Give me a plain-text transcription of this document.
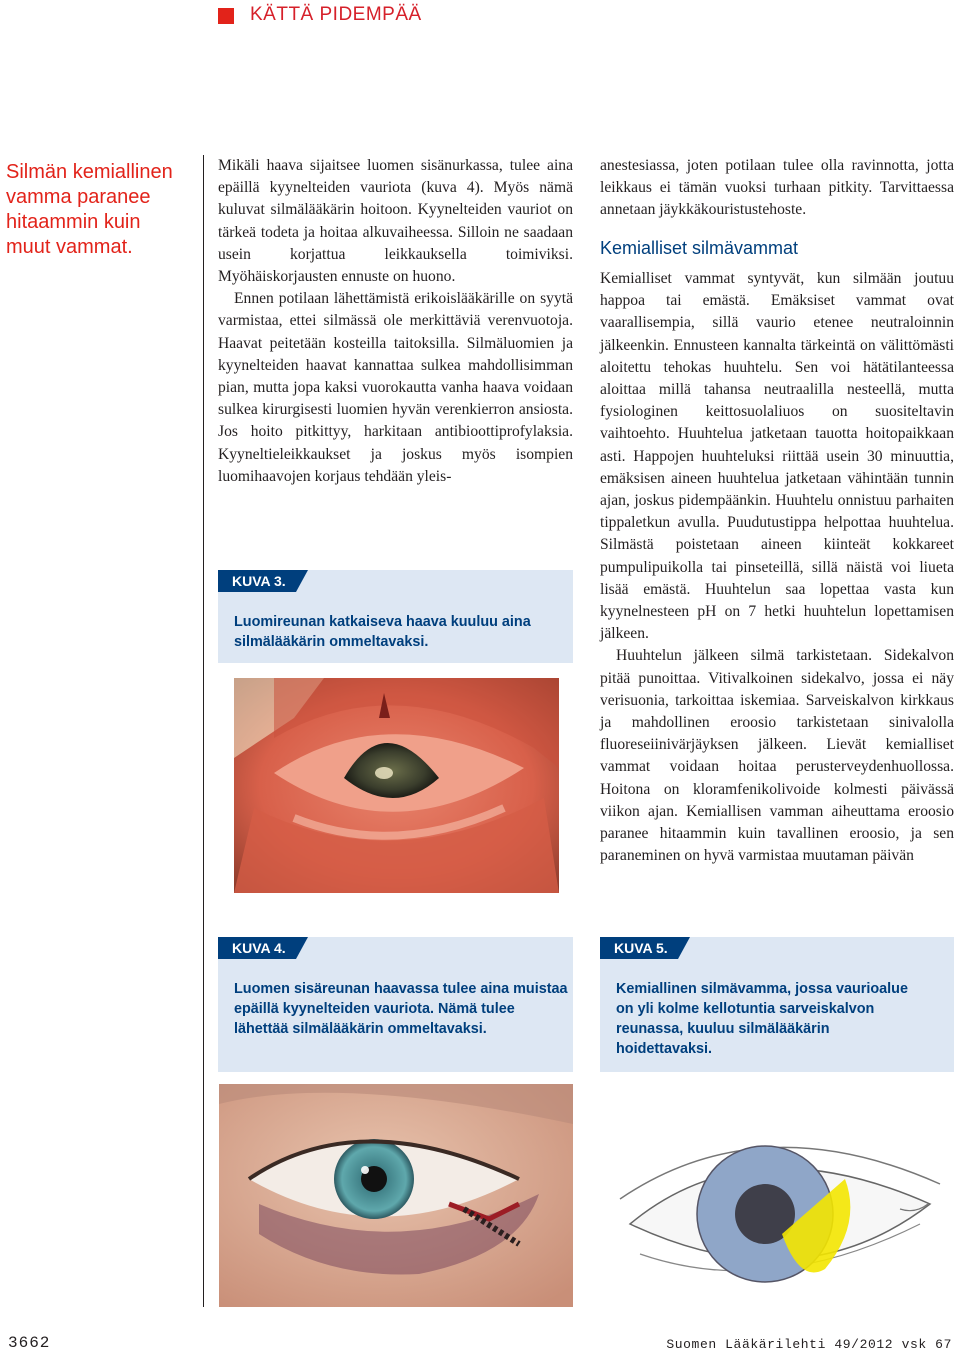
KÄTTÄ PIDEMPÄÄ
Silmän kemiallinen
vamma paranee
hitaammin kuin
muut vammat.

Mikäli haava sijaitsee luomen sisänurkassa, tulee aina epäillä kyynelteiden vauriota (kuva 4). Myös nämä kuluvat silmälääkärin hoitoon. Kyynelteiden vauriot on tärkeä todeta ja hoitaa alkuvaiheessa. Silloin ne saadaan usein korjattua leikkauksella toimiviksi. Myöhäiskorjausten ennuste on huono.

Ennen potilaan lähettämistä erikoislääkärille on syytä varmistaa, ettei silmässä ole merkittäviä verenvuotoja. Haavat peitetään kosteilla taitoksilla. Silmäluomien ja kyynelteiden haavat kannattaa sulkea mahdollisimman pian, mutta jopa kaksi vuorokautta vanha haava voidaan sulkea kirurgisesti luomien hyvän verenkierron ansiosta. Jos hoito pitkittyy, harkitaan antibioottiprofylaksia. Kyyneltieleikkaukset ja joskus myös isompien luomihaavojen korjaus tehdään yleis-

KUVA 3.
Luomireunan katkaiseva haava kuuluu aina silmälääkärin ommeltavaksi.

anestesiassa, joten potilaan tulee olla ravinnotta, jotta leikkaus ei tämän vuoksi turhaan pitkity. Tarvittaessa annetaan jäykkäkouristustehoste.

Kemialliset silmävammat

Kemialliset vammat syntyvät, kun silmään joutuu happoa tai emästä. Emäksiset vammat ovat vaarallisempia, sillä vaurio etenee neutraloinnin jälkeenkin. Ennusteen kannalta tärkeintä on välittömästi aloitettu tehokas huuhtelu. Sen voi hätätilanteessa aloittaa millä tahansa neutraalilla nesteellä, mutta fysiologinen keittosuolaliuos on suositeltavin vaihtoehto. Huuhtelua jatketaan tauotta hoitopaikkaan asti. Happojen huuhteluksi riittää usein 30 minuuttia, emäksisen aineen huuhtelua jatketaan vähintään tunnin ajan, joskus pidempäänkin. Huuhtelu onnistuu parhaiten tippaletkun avulla. Puudutustippa helpottaa huuhtelua. Silmästä poistetaan aineen kiinteät kokkareet pumpulipuikolla tai pinseteillä, sillä näistä voi liueta lisää emästä. Huuhtelun saa lopettaa vasta kun kyynelnesteen pH on 7 hetki huuhtelun lopettamisen jälkeen.

Huuhtelun jälkeen silmä tarkistetaan. Sidekalvon pitää punoittaa. Vitivalkoinen sidekalvo, jossa ei näy verisuonia, tarkoittaa iskemiaa. Sarveiskalvon kirkkaus ja mahdollinen eroosio tarkistetaan sinivalolla fluoreseiinivärjäyksen jälkeen. Lievät kemialliset vammat voidaan hoitaa perusterveydenhuollossa. Hoitona on kloramfenikolivoide kolmesti päivässä viikon ajan. Kemiallisen vamman aiheuttama eroosio paranee hitaammin kuin tavallinen eroosio, ja sen paraneminen on hyvä varmistaa muutaman päivän

KUVA 4.
Luomen sisäreunan haavassa tulee aina muistaa epäillä kyynelteiden vauriota. Nämä tulee lähettää silmälääkärin ommeltavaksi.
KUVA 5.
Kemiallinen silmävamma, jossa vaurioalue on yli kolme kellotuntia sarveiskalvon reunassa, kuuluu silmälääkärin hoidettavaksi.
3662	Suomen Lääkärilehti 49/2012 vsk 67
